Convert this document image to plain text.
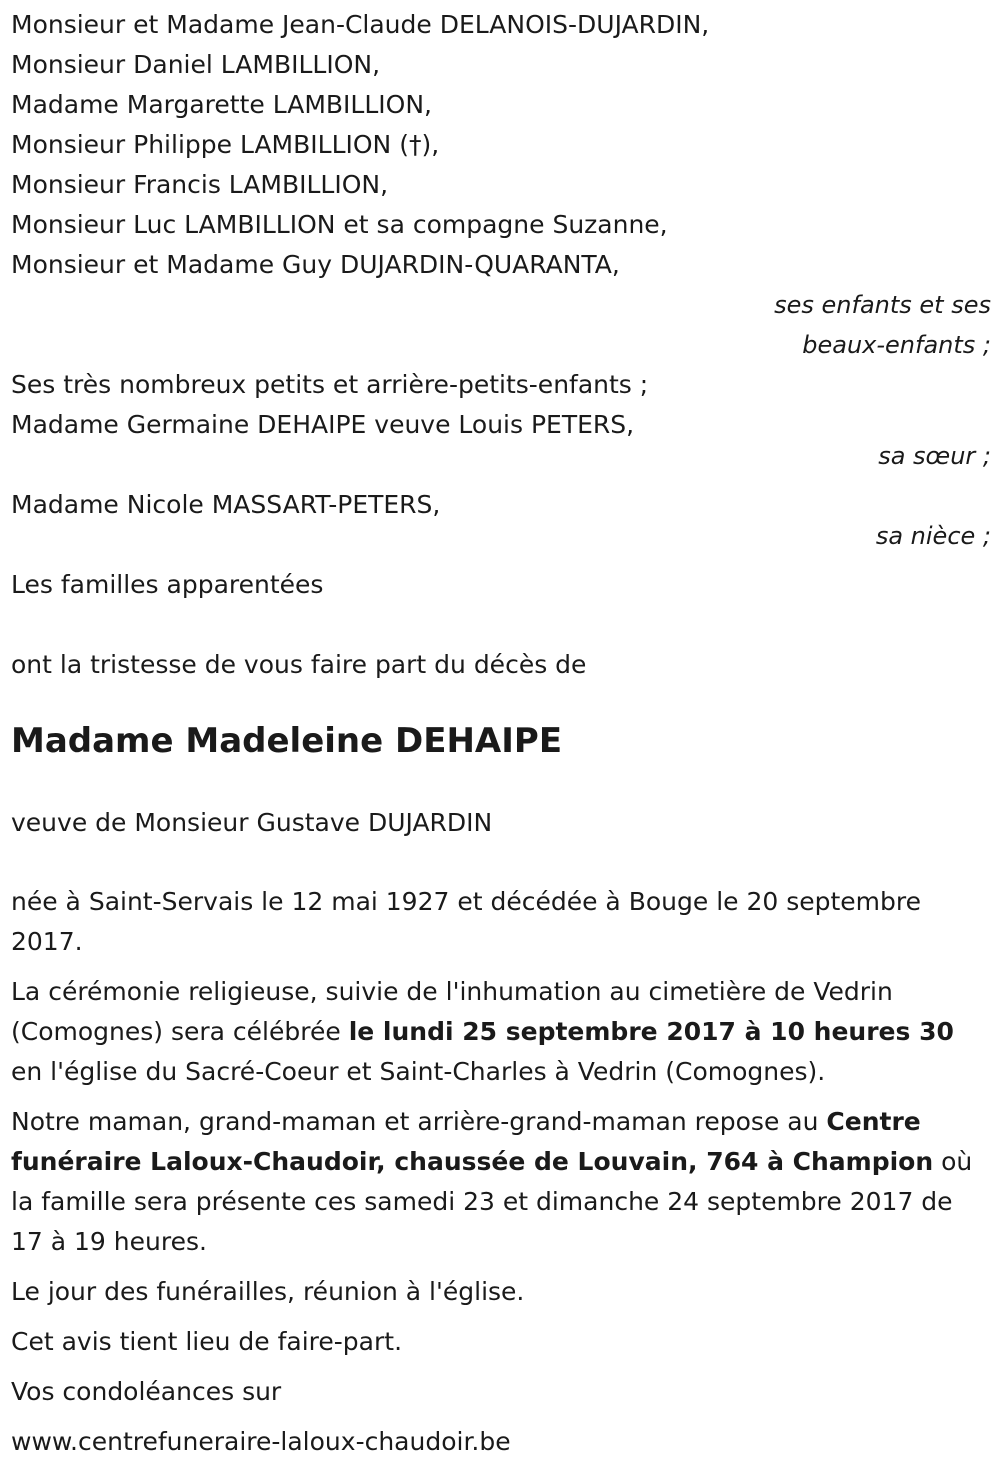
Monsieur et Madame Jean-Claude DELANOIS-DUJARDIN,
Monsieur Daniel LAMBILLION,
Madame Margarette LAMBILLION,
Monsieur Philippe LAMBILLION (†),
Monsieur Francis LAMBILLION,
Monsieur Luc LAMBILLION et sa compagne Suzanne,
Monsieur et Madame Guy DUJARDIN-QUARANTA,
ses enfants et ses
beaux-enfants ;
Ses très nombreux petits et arrière-petits-enfants ;
Madame Germaine DEHAIPE veuve Louis PETERS,
sa sœur ;
Madame Nicole MASSART-PETERS,
sa nièce ;
Les familles apparentées
ont la tristesse de vous faire part du décès de
Madame Madeleine DEHAIPE
veuve de Monsieur Gustave DUJARDIN

née à Saint-Servais le 12 mai 1927 et décédée à Bouge le 20 septembre 2017.

La cérémonie religieuse, suivie de l'inhumation au cimetière de Vedrin (Comognes) sera célébrée le lundi 25 septembre 2017 à 10 heures 30 en l'église du Sacré-Coeur et Saint-Charles à Vedrin (Comognes).

Notre maman, grand-maman et arrière-grand-maman repose au Centre funéraire Laloux-Chaudoir, chaussée de Louvain, 764 à Champion où la famille sera présente ces samedi 23 et dimanche 24 septembre 2017 de 17 à 19 heures.

Le jour des funérailles, réunion à l'église.

Cet avis tient lieu de faire-part.

Vos condoléances sur

www.centrefuneraire-laloux-chaudoir.be
